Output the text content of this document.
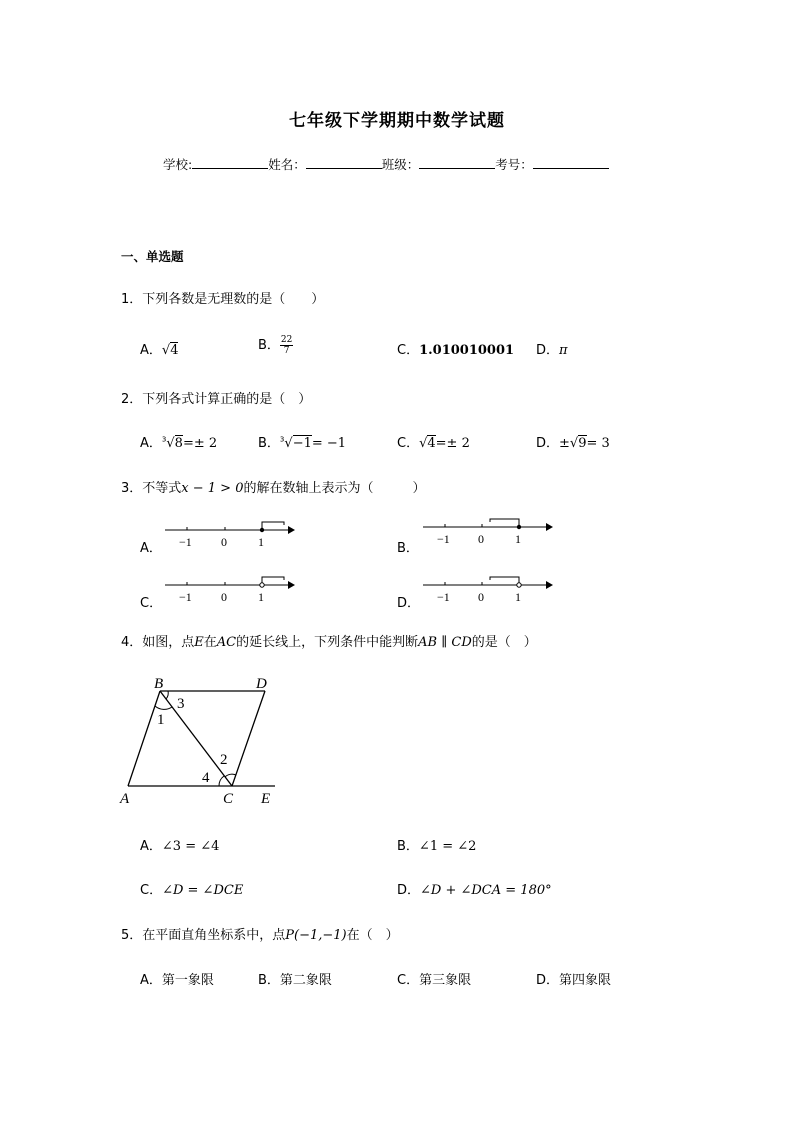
七年级下学期期中数学试题
学校:	姓名：	班级：	考号：
一、单选题
1．下列各数是无理数的是（　　）
A．√4	B． $\frac{22}{7}$	C．1.010010001 D．π
2．下列各式计算正确的是（　）
A．$^3$√8=± 2	B．$^3$√−1= −1	C．√4=± 2	D．±√9= 3
3．不等式x − 1 > 0的解在数轴上表示为（　　　）
A． −1 0	1	B．
−1 0	1
C． −1 0	1	D． −1 0	1
4．如图，点E在AC的延长线上，下列条件中能判断AB ∥ CD的是（　）
B	D
A	C E
1
3
2
4
A．∠3 = ∠4	B．∠1 = ∠2
C．∠D = ∠DCE	D．∠D + ∠DCA = 180°
5．在平面直角坐标系中，点P(−1,−1)在（　）
A．第一象限	B．第二象限	C．第三象限	D．第四象限
